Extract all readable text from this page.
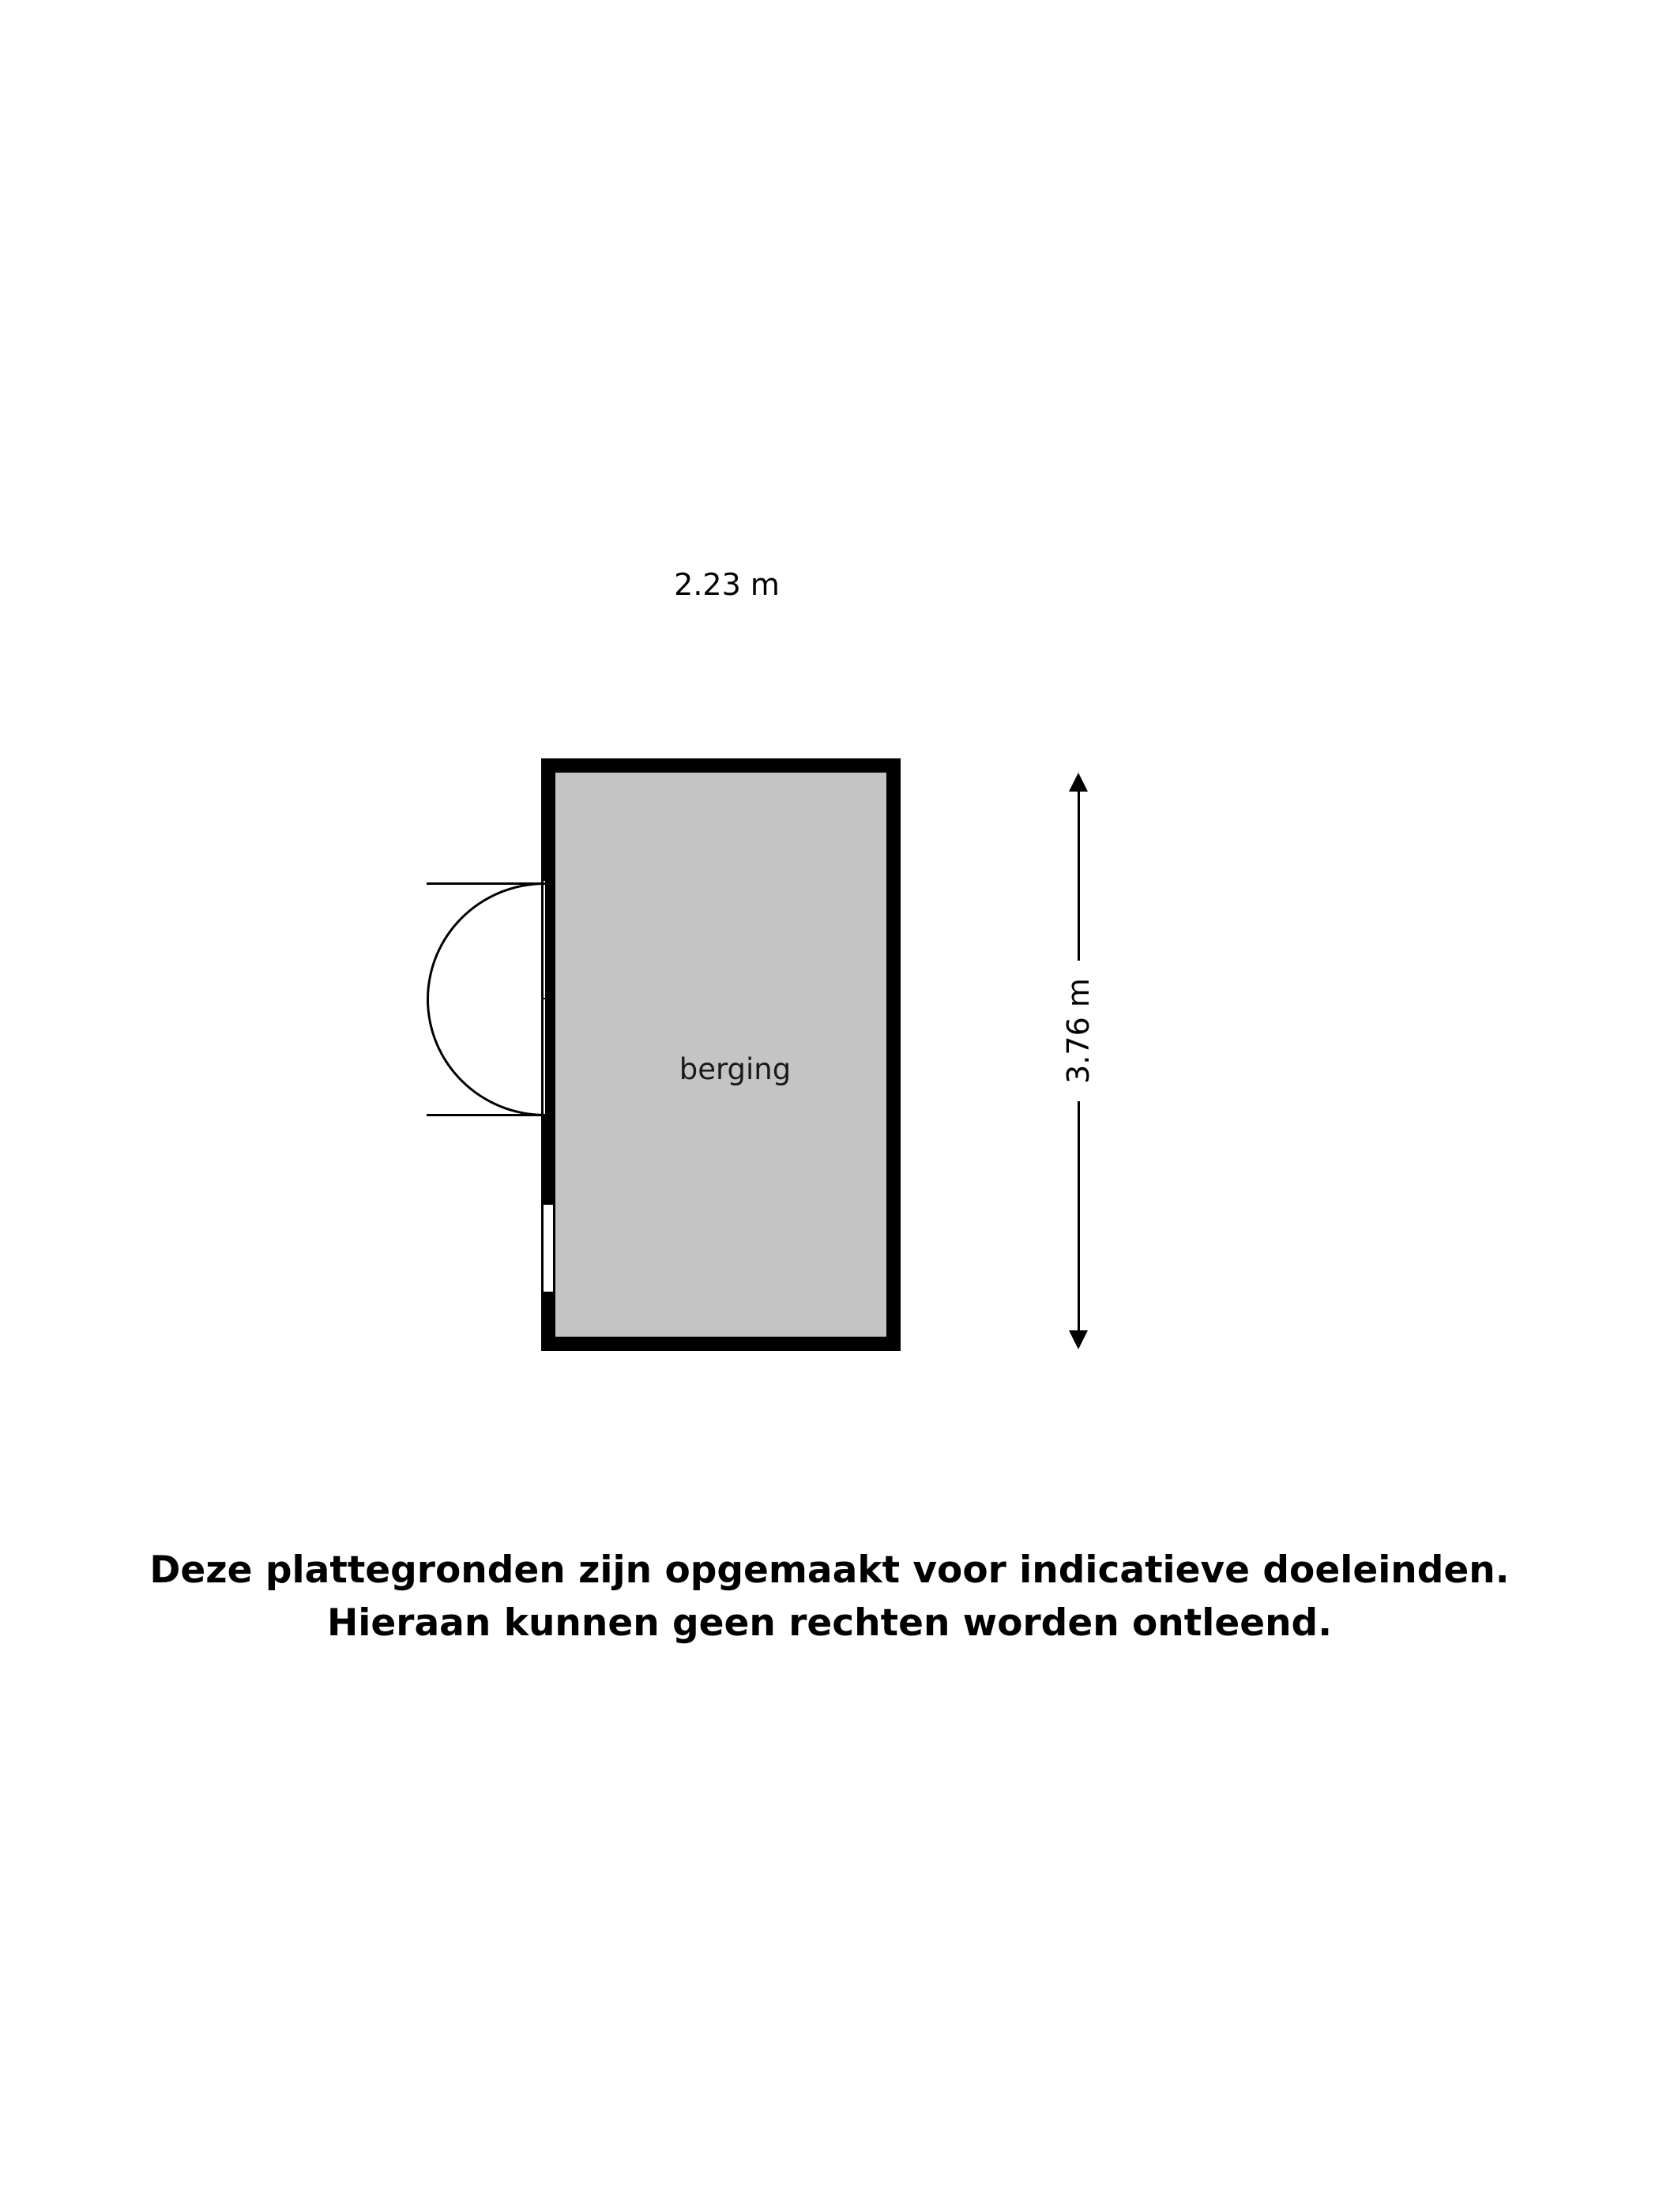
2.23 m
3.76 m
berging
Deze plattegronden zijn opgemaakt voor indicatieve doeleinden.
Hieraan kunnen geen rechten worden ontleend.
